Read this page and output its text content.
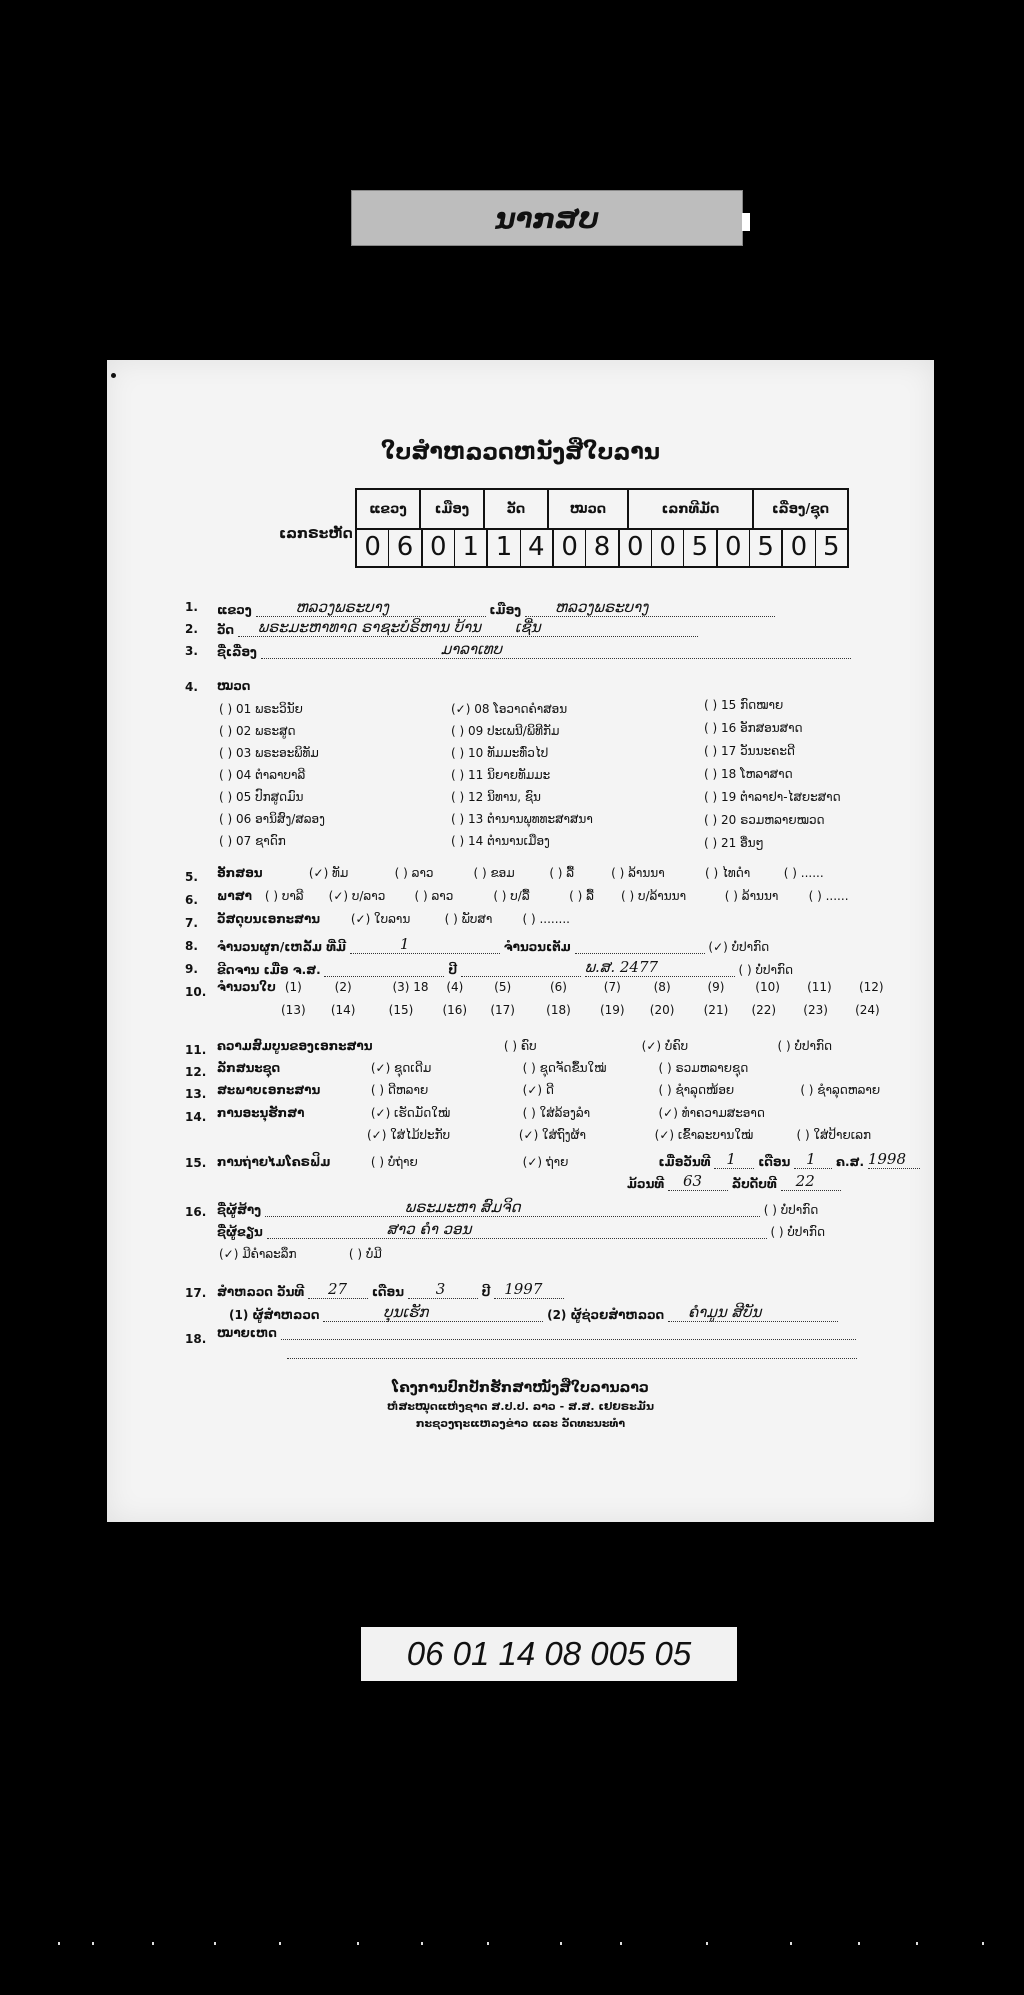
ນາກສບ
ໃບສໍາຫລວດຫນັງສືໃບລານ
ເລກຣະຫັດ
ແຂວງ	ເມືອງ	ວັດ	ໝວດ	ເລກທີມັດ	ເລື່ອງ/ຊຸດ
0 6 0 1 1 4 0 8 0 0 5 0 5 0 5
1. ແຂວງ	ຫລວງພຣະບາງ	ເມືອງ ຫລວງພຣະບາງ
2. ວັດ ພຣະມະຫາທາດ ຣາຊະບໍຣິຫານ ບ້ານ ເຊີ່ນ
3. ຊື່ເລື່ອງ	ມາລາເທບ
4. ໝວດ
( ) 01 ພຣະວິນັຍ	(✓) 08 ໂອວາດຄໍາສອນ	( ) 15 ກົດໝາຍ
( ) 02 ພຣະສູດ	( ) 09 ປະເພນີ/ພິທີກັມ	( ) 16 ອັກສອນສາດ
( ) 03 ພຣະອະພິທັມ	( ) 10 ທັມມະທົ່ວໄປ	( ) 17 ວັນນະຄະດີ
( ) 04 ຕໍາລາບາລີ	( ) 11 ນິຍາຍທັມມະ	( ) 18 ໂຫລາສາດ
( ) 05 ປົກສູດມົນ	( ) 12 ນິທານ, ຊົນ	( ) 19 ຕໍາລາຢາ-ໄສຍະສາດ
( ) 06 ອານິສົງ/ສລອງ	( ) 13 ຕໍານານພຸທທະສາສນາ	( ) 20 ຣວມຫລາຍໝວດ
( ) 07 ຊາດົກ	( ) 14 ຕໍານານເມືອງ	( ) 21 ອື່ນໆ
5. ອັກສອນ	(✓) ທັມ	( ) ລາວ	( ) ຂອມ	( ) ລື້	( ) ລ້ານນາ	( ) ໄທດໍາ	( ) ......
6. ພາສາ ( ) ບາລີ (✓) ບ/ລາວ ( ) ລາວ	( ) ບ/ລື້	( ) ລື້ ( ) ບ/ລ້ານນາ	( ) ລ້ານນາ	( ) ......
7. ວັສດຸບນເອກະສານ	(✓) ໃບລານ	( ) ພັບສາ	( ) ........
8. ຈໍານວນຜູກ/ເຫລັ້ມ ທີ່ມີ	1	ຈໍານວນເຕັມ	(✓) ບໍ່ປາກົດ
9. ຂີດຈານ ເມື່ອ ຈ.ສ.	ປີ	ພ.ສ. 2477	( ) ບໍ່ປາກົດ
10. ຈໍານວນໃບ (1)	(2)	(3) 18 (4)	(5)	(6)	(7)	(8)	(9)	(10) (11) (12)
(13) (14)	(15) (16) (17)	(18) (19) (20) (21) (22) (23) (24)
11. ຄວາມສົມບູນຂອງເອກະສານ	( ) ຄົບ	(✓) ບໍ່ຄົບ	( ) ບໍ່ປາກົດ
12. ລັກສນະຊຸດ	(✓) ຊຸດເດີມ	( ) ຊຸດຈັດຂຶ້ນໃໝ່	( ) ຣວມຫລາຍຊຸດ
13. ສະພາບເອກະສານ	( ) ດີຫລາຍ	(✓) ດີ	( ) ຊໍາລຸດໜ້ອຍ	( ) ຊໍາລຸດຫລາຍ
14. ການອະນຸຮັກສາ	(✓) ເຮັດມັດໃໝ່	( ) ໃສ່ລ້ອງລໍາ	(✓) ທໍາຄວາມສະອາດ
(✓) ໃສ່ໄມ້ປະກັບ	(✓) ໃສ່ຖົງຜ້າ	(✓) ເຂົ້າລະບານໃໝ່	( ) ໃສ່ປ້າຍເລກ
15. ການຖ່າຍໄມໂຄຣຟິມ	( ) ບໍ່ຖ່າຍ	(✓) ຖ່າຍ	ເມື່ອວັນທີ 1 ເດືອນ 1 ຄ.ສ. 1998
ມ້ວນທີ 63 ລັບດັບທີ 22
16. ຊື່ຜູ້ສ້າງ	ພຣະມະຫາ ສົມຈິດ	( ) ບໍ່ປາກົດ
ຊື່ຜູ້ຂຽນ	ສາວ ຄໍາ ວອນ	( ) ບໍ່ປາກົດ
(✓) ມີຄໍາລະລຶກ	( ) ບໍ່ມີ
17. ສໍາຫລວດ ວັນທີ 27 ເດືອນ 3	ປີ 1997
(1) ຜູ້ສໍາຫລວດ	ບຸນເຮັກ	(2) ຜູ້ຊ່ວຍສໍາຫລວດ ຄໍາມູນ ສີບັນ
18. ໝາຍເຫດ
ໂຄງການປົກປັກຮັກສາໜັງສືໃບລານລາວ
ຫໍສະໝຸດແຫ່ງຊາດ ສ.ປ.ປ. ລາວ - ສ.ສ. ເຢຍຣະມັນ
ກະຊວງຖະແຫລງຂ່າວ ແລະ ວັດທະນະທໍາ
06 01 14 08 005 05
